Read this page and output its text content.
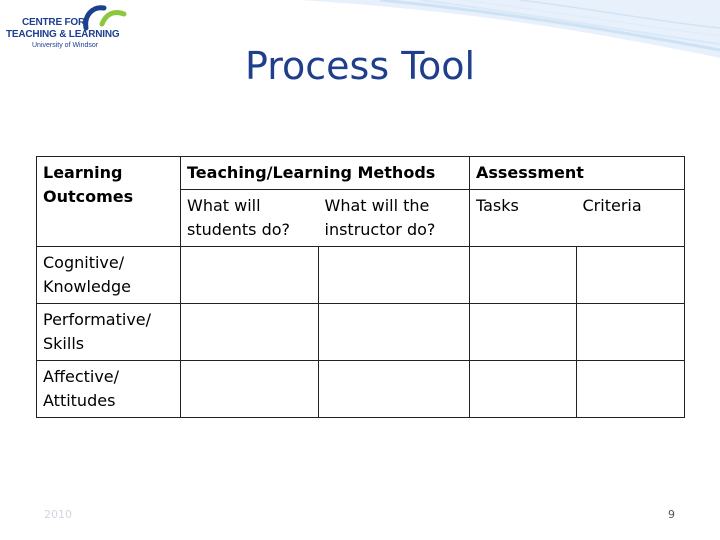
CENTRE FOR
TEACHING & LEARNING
University of Windsor	Process Tool
Learning Outcomes	Teaching/Learning Methods		Assessment	
	What will students do?	What will the instructor do?	Tasks	Criteria
Cognitive/ Knowledge				
Performative/ Skills				
Affective/ Attitudes				
2010	9
